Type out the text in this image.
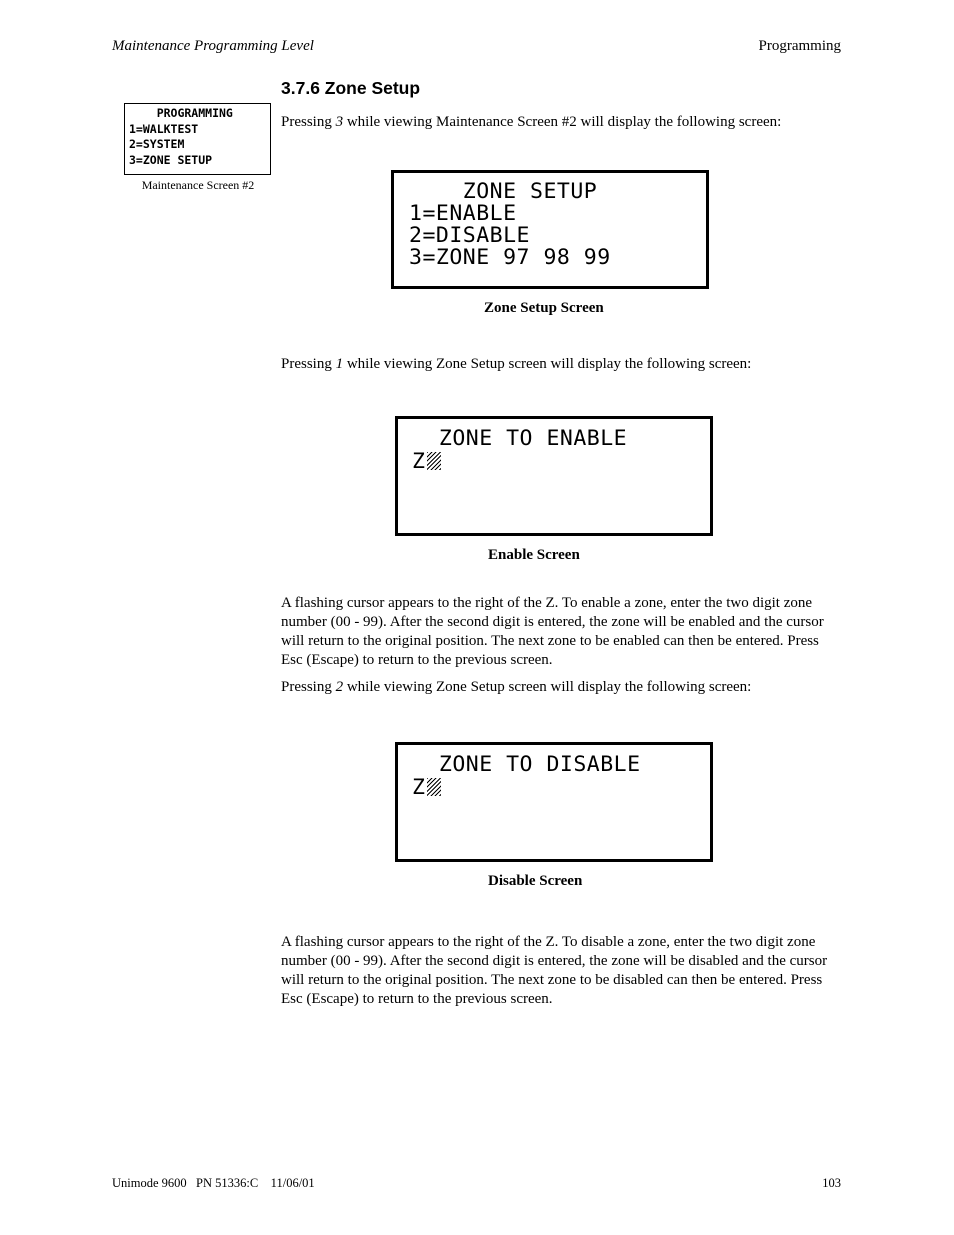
Maintenance Programming Level	Programming
3.7.6 Zone Setup
PROGRAMMING
1=WALKTEST
2=SYSTEM
3=ZONE SETUP
Maintenance Screen #2
Pressing 3 while viewing Maintenance Screen #2 will display the following screen:
ZONE SETUP
1=ENABLE
2=DISABLE
3=ZONE 97 98 99
Zone Setup Screen
Pressing 1 while viewing Zone Setup screen will display the following screen:
ZONE TO ENABLE
Z
Enable Screen
A flashing cursor appears to the right of the Z. To enable a zone, enter the two digit zone number (00 - 99). After the second digit is entered, the zone will be enabled and the cursor will return to the original position. The next zone to be enabled can then be entered. Press Esc (Escape) to return to the previous screen.
Pressing 2 while viewing Zone Setup screen will display the following screen:
ZONE TO DISABLE
Z
Disable Screen
A flashing cursor appears to the right of the Z. To disable a zone, enter the two digit zone number (00 - 99). After the second digit is entered, the zone will be disabled and the cursor will return to the original position. The next zone to be disabled can then be entered. Press Esc (Escape) to return to the previous screen.
Unimode 9600   PN 51336:C    11/06/01	103
